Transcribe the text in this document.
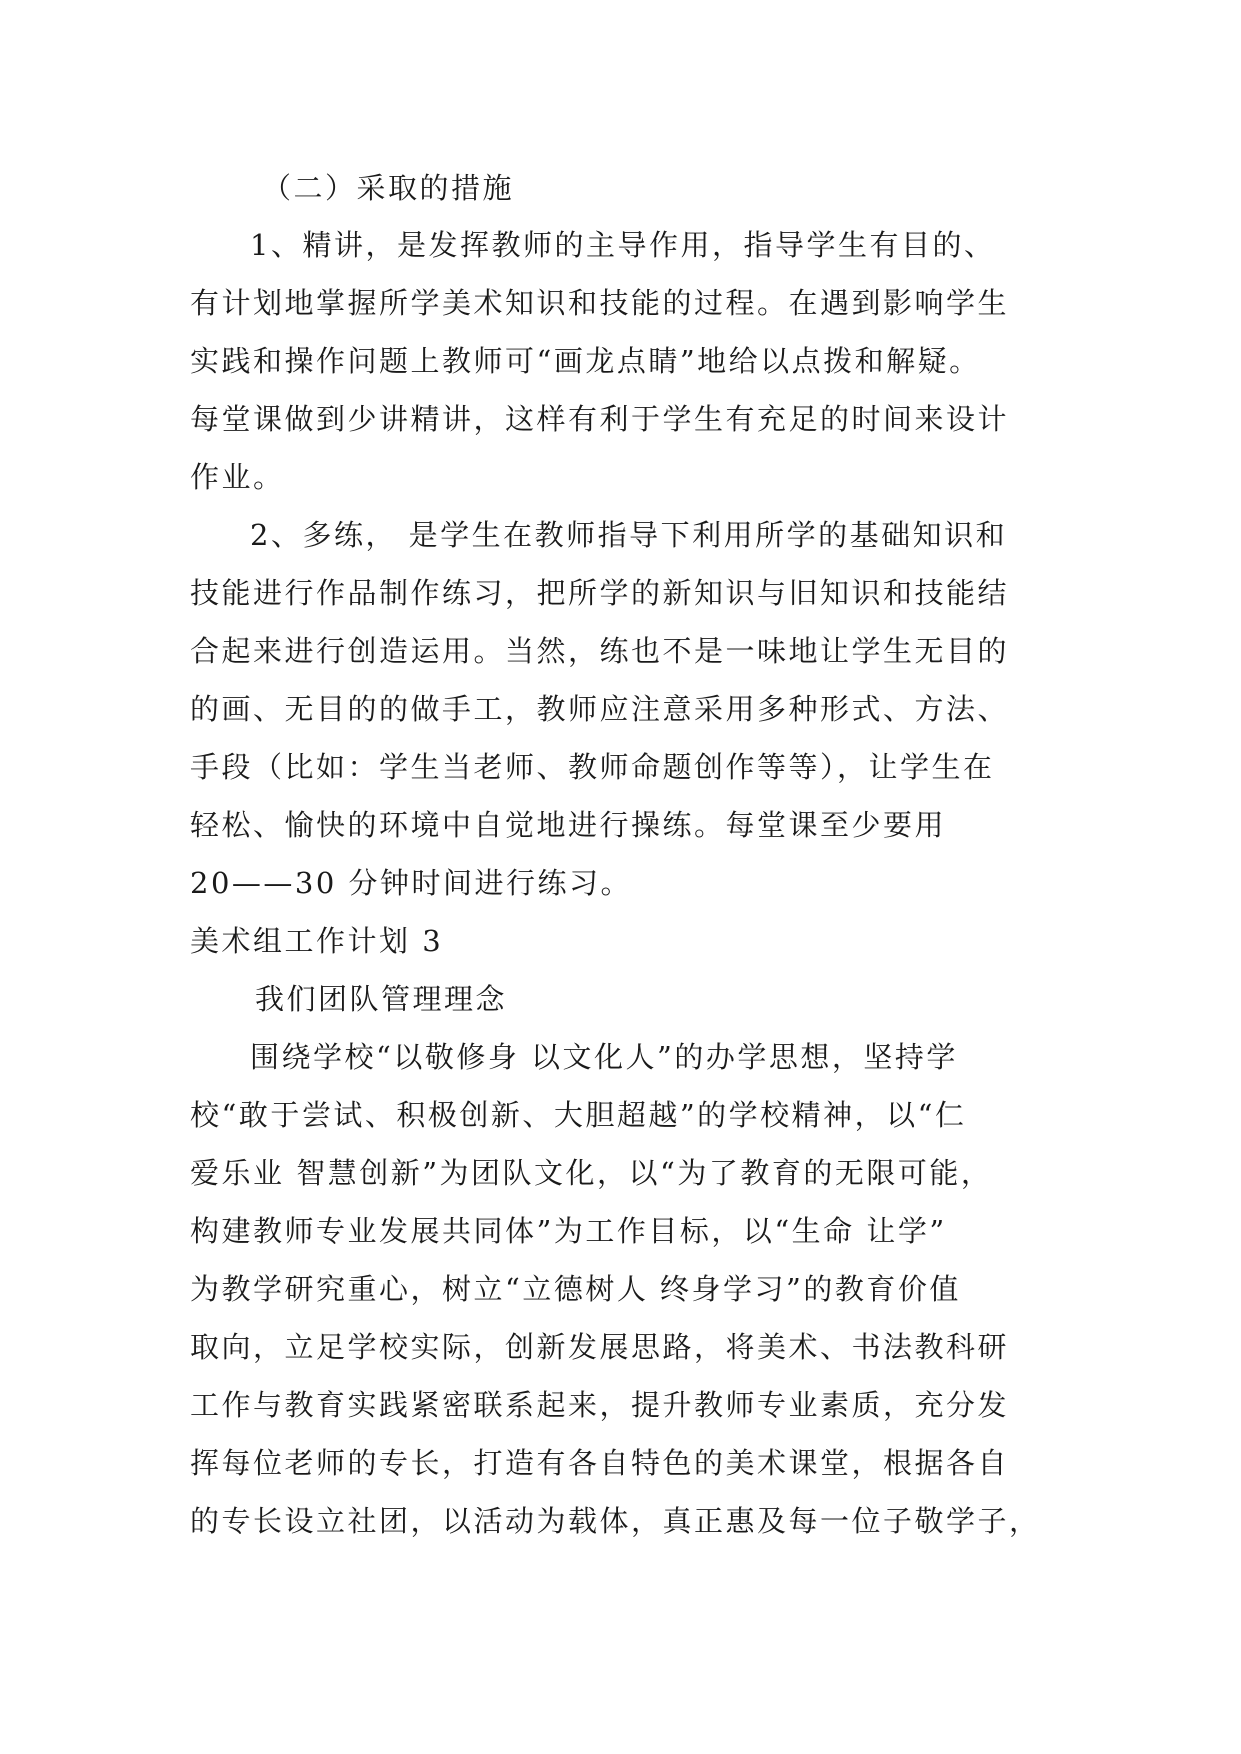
（二）采取的措施
1、精讲，是发挥教师的主导作用，指导学生有目的、
有计划地掌握所学美术知识和技能的过程。在遇到影响学生
实践和操作问题上教师可“画龙点睛”地给以点拨和解疑。
每堂课做到少讲精讲，这样有利于学生有充足的时间来设计
作业。
2、多练， 是学生在教师指导下利用所学的基础知识和
技能进行作品制作练习，把所学的新知识与旧知识和技能结
合起来进行创造运用。当然，练也不是一味地让学生无目的
的画、无目的的做手工，教师应注意采用多种形式、方法、
手段（比如：学生当老师、教师命题创作等等），让学生在
轻松、愉快的环境中自觉地进行操练。每堂课至少要用
20——30 分钟时间进行练习。
美术组工作计划 3
我们团队管理理念
围绕学校“以敬修身 以文化人”的办学思想，坚持学
校“敢于尝试、积极创新、大胆超越”的学校精神，以“仁
爱乐业 智慧创新”为团队文化，以“为了教育的无限可能，
构建教师专业发展共同体”为工作目标，以“生命 让学”
为教学研究重心，树立“立德树人 终身学习”的教育价值
取向，立足学校实际，创新发展思路，将美术、书法教科研
工作与教育实践紧密联系起来，提升教师专业素质，充分发
挥每位老师的专长，打造有各自特色的美术课堂，根据各自
的专长设立社团，以活动为载体，真正惠及每一位子敬学子，
